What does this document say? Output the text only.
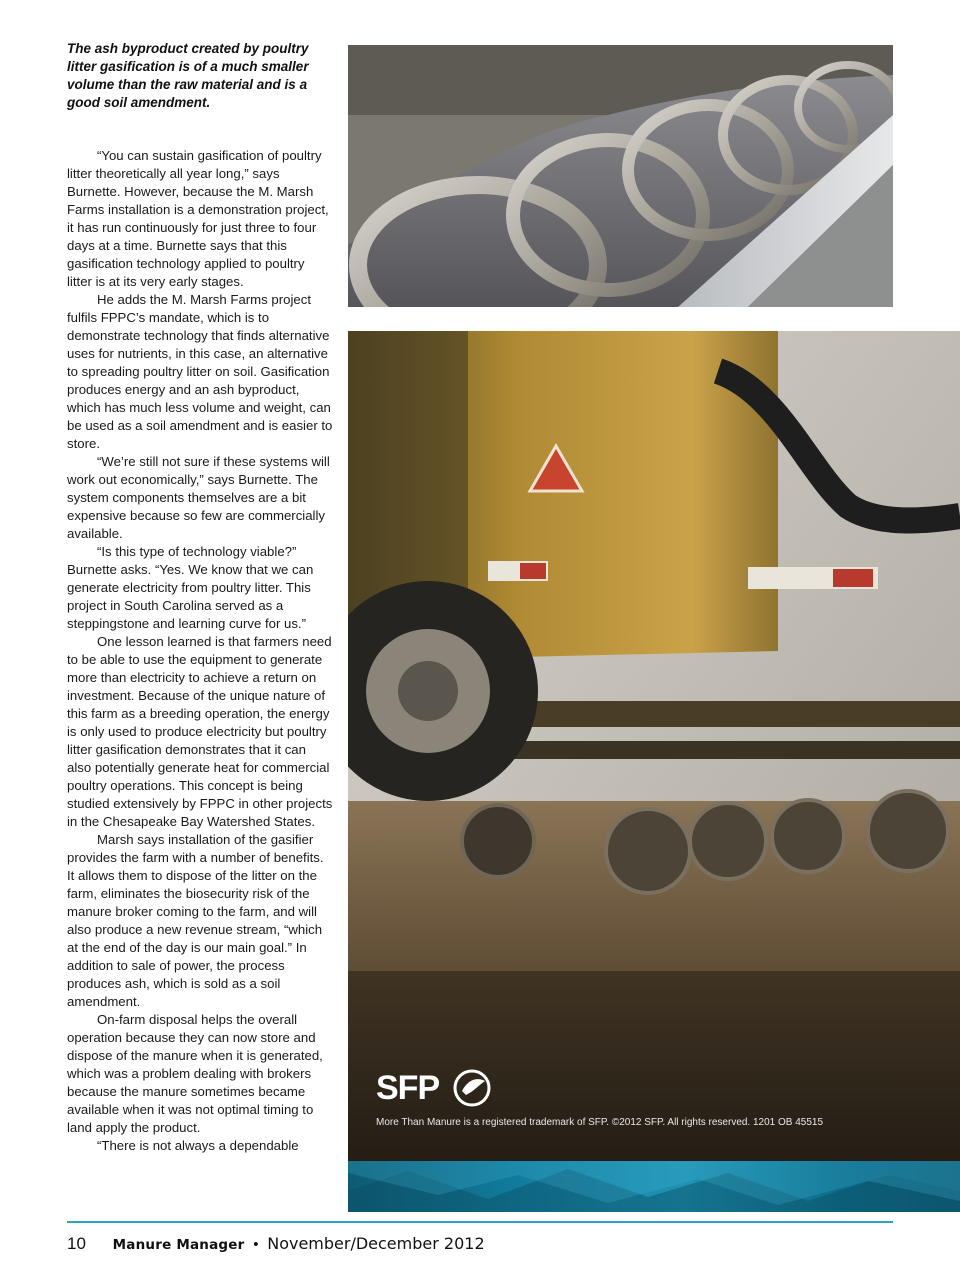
The ash byproduct created by poultry litter gasification is of a much smaller volume than the raw material and is a good soil amendment.

“You can sustain gasification of poultry litter theoretically all year long,” says Burnette. However, because the M. Marsh Farms installation is a demonstration project, it has run continuously for just three to four days at a time. Burnette says that this gasification technology applied to poultry litter is at its very early stages.

He adds the M. Marsh Farms project fulfils FPPC’s mandate, which is to demonstrate technology that finds alternative uses for nutrients, in this case, an alternative to spreading poultry litter on soil. Gasification produces energy and an ash byproduct, which has much less volume and weight, can be used as a soil amendment and is easier to store.

“We’re still not sure if these systems will work out economically,” says Burnette. The system components themselves are a bit expensive because so few are commercially available.

“Is this type of technology viable?” Burnette asks. “Yes. We know that we can generate electricity from poultry litter. This project in South Carolina served as a steppingstone and learning curve for us.”

One lesson learned is that farmers need to be able to use the equipment to generate more than electricity to achieve a return on investment. Because of the unique nature of this farm as a breeding operation, the energy is only used to produce electricity but poultry litter gasification demonstrates that it can also potentially generate heat for commercial poultry operations. This concept is being studied extensively by FPPC in other projects in the Chesapeake Bay Watershed States.

Marsh says installation of the gasifier provides the farm with a number of benefits. It allows them to dispose of the litter on the farm, eliminates the biosecurity risk of the manure broker coming to the farm, and will also produce a new revenue stream, “which at the end of the day is our main goal.” In addition to sale of power, the process produces ash, which is sold as a soil amendment.

On-farm disposal helps the overall operation because they can now store and dispose of the manure when it is generated, which was a problem dealing with brokers because the manure sometimes became available when it was not optimal timing to land apply the product.

“There is not always a dependable

SFP
More Than Manure is a registered trademark of SFP. ©2012 SFP. All rights reserved. 1201 OB 45515
10 Manure Manager • November/December 2012
